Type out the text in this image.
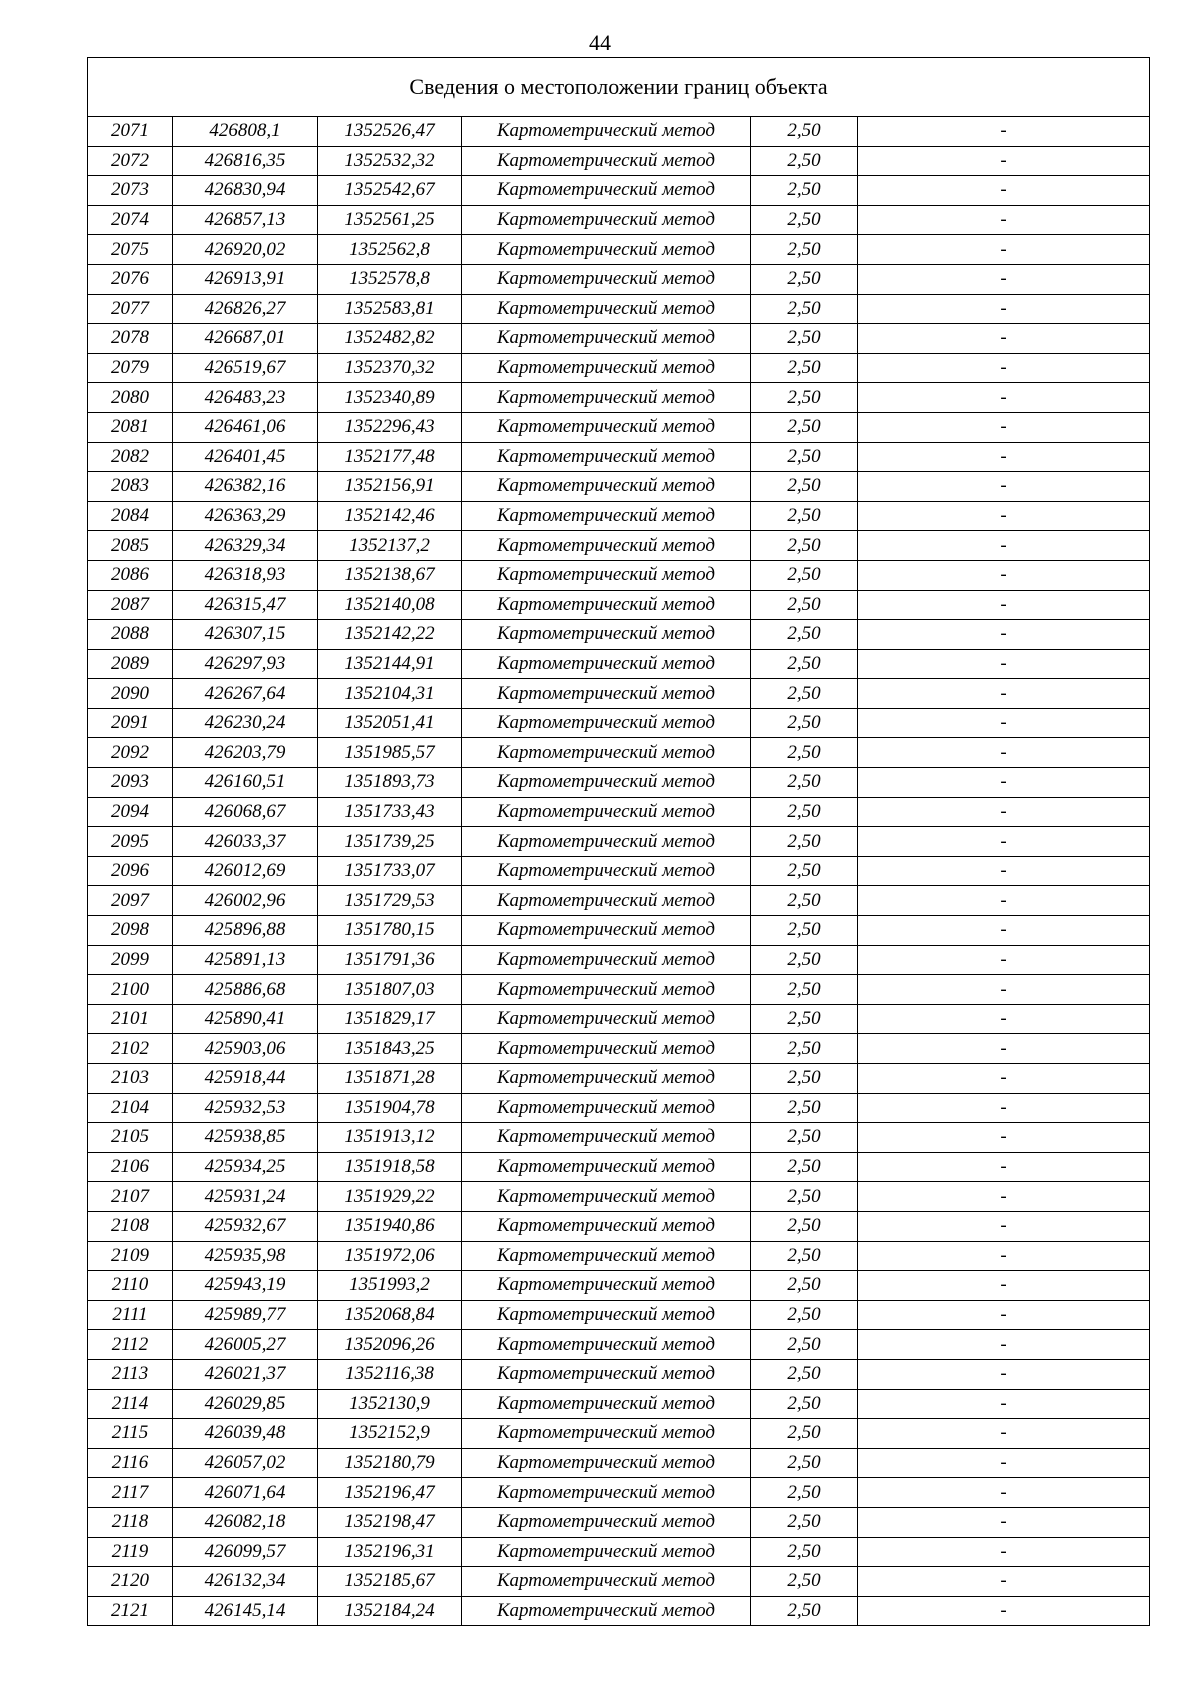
44
Сведения о местоположении границ объекта					
2071	426808,1	1352526,47	Картометрический метод	2,50	-
2072	426816,35	1352532,32	Картометрический метод	2,50	-
2073	426830,94	1352542,67	Картометрический метод	2,50	-
2074	426857,13	1352561,25	Картометрический метод	2,50	-
2075	426920,02	1352562,8	Картометрический метод	2,50	-
2076	426913,91	1352578,8	Картометрический метод	2,50	-
2077	426826,27	1352583,81	Картометрический метод	2,50	-
2078	426687,01	1352482,82	Картометрический метод	2,50	-
2079	426519,67	1352370,32	Картометрический метод	2,50	-
2080	426483,23	1352340,89	Картометрический метод	2,50	-
2081	426461,06	1352296,43	Картометрический метод	2,50	-
2082	426401,45	1352177,48	Картометрический метод	2,50	-
2083	426382,16	1352156,91	Картометрический метод	2,50	-
2084	426363,29	1352142,46	Картометрический метод	2,50	-
2085	426329,34	1352137,2	Картометрический метод	2,50	-
2086	426318,93	1352138,67	Картометрический метод	2,50	-
2087	426315,47	1352140,08	Картометрический метод	2,50	-
2088	426307,15	1352142,22	Картометрический метод	2,50	-
2089	426297,93	1352144,91	Картометрический метод	2,50	-
2090	426267,64	1352104,31	Картометрический метод	2,50	-
2091	426230,24	1352051,41	Картометрический метод	2,50	-
2092	426203,79	1351985,57	Картометрический метод	2,50	-
2093	426160,51	1351893,73	Картометрический метод	2,50	-
2094	426068,67	1351733,43	Картометрический метод	2,50	-
2095	426033,37	1351739,25	Картометрический метод	2,50	-
2096	426012,69	1351733,07	Картометрический метод	2,50	-
2097	426002,96	1351729,53	Картометрический метод	2,50	-
2098	425896,88	1351780,15	Картометрический метод	2,50	-
2099	425891,13	1351791,36	Картометрический метод	2,50	-
2100	425886,68	1351807,03	Картометрический метод	2,50	-
2101	425890,41	1351829,17	Картометрический метод	2,50	-
2102	425903,06	1351843,25	Картометрический метод	2,50	-
2103	425918,44	1351871,28	Картометрический метод	2,50	-
2104	425932,53	1351904,78	Картометрический метод	2,50	-
2105	425938,85	1351913,12	Картометрический метод	2,50	-
2106	425934,25	1351918,58	Картометрический метод	2,50	-
2107	425931,24	1351929,22	Картометрический метод	2,50	-
2108	425932,67	1351940,86	Картометрический метод	2,50	-
2109	425935,98	1351972,06	Картометрический метод	2,50	-
2110	425943,19	1351993,2	Картометрический метод	2,50	-
2111	425989,77	1352068,84	Картометрический метод	2,50	-
2112	426005,27	1352096,26	Картометрический метод	2,50	-
2113	426021,37	1352116,38	Картометрический метод	2,50	-
2114	426029,85	1352130,9	Картометрический метод	2,50	-
2115	426039,48	1352152,9	Картометрический метод	2,50	-
2116	426057,02	1352180,79	Картометрический метод	2,50	-
2117	426071,64	1352196,47	Картометрический метод	2,50	-
2118	426082,18	1352198,47	Картометрический метод	2,50	-
2119	426099,57	1352196,31	Картометрический метод	2,50	-
2120	426132,34	1352185,67	Картометрический метод	2,50	-
2121	426145,14	1352184,24	Картометрический метод	2,50	-
